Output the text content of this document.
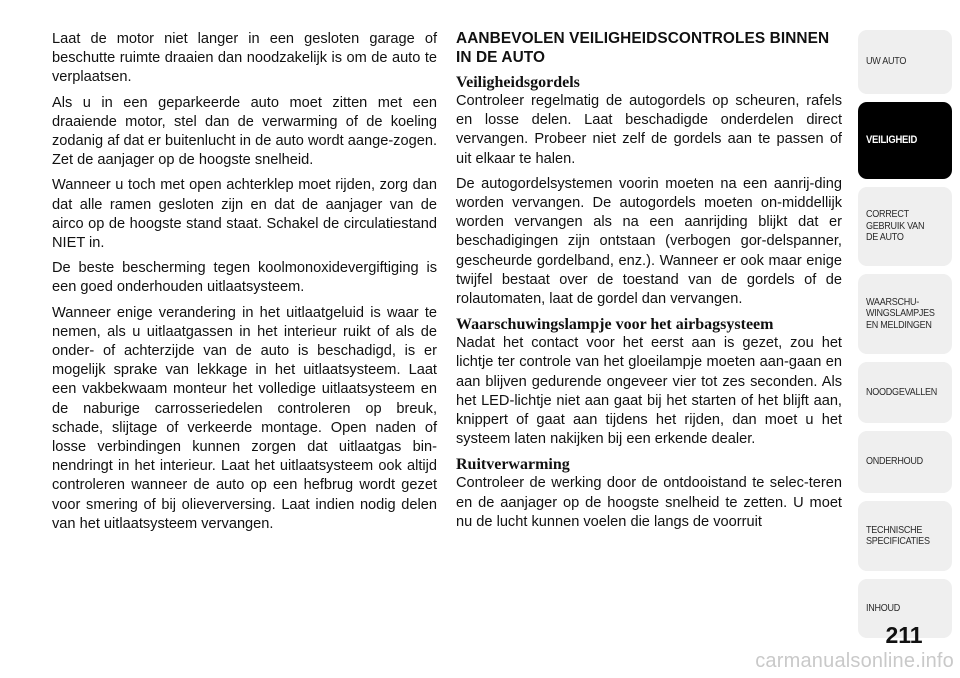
Laat de motor niet langer in een gesloten garage of beschutte ruimte draaien dan noodzakelijk is om de auto te verplaatsen.

Als u in een geparkeerde auto moet zitten met een draaiende motor, stel dan de verwarming of de koeling zodanig af dat er buitenlucht in de auto wordt aange-zogen. Zet de aanjager op de hoogste snelheid.

Wanneer u toch met open achterklep moet rijden, zorg dan dat alle ramen gesloten zijn en dat de aanjager van de airco op de hoogste stand staat. Schakel de circulatiestand NIET in.

De beste bescherming tegen koolmonoxidevergiftiging is een goed onderhouden uitlaatsysteem.

Wanneer enige verandering in het uitlaatgeluid is waar te nemen, als u uitlaatgassen in het interieur ruikt of als de onder- of achterzijde van de auto is beschadigd, is er mogelijk sprake van lekkage in het uitlaatsysteem. Laat een vakbekwaam monteur het volledige uitlaatsysteem en de naburige carrosseriedelen controleren op breuk, schade, slijtage of verkeerde montage. Open naden of losse verbindingen kunnen zorgen dat uitlaatgas bin-nendringt in het interieur. Laat het uitlaatsysteem ook altijd controleren wanneer de auto op een hefbrug wordt gezet voor smering of bij olieverversing. Laat indien nodig delen van het uitlaatsysteem vervangen.

AANBEVOLEN VEILIGHEIDSCONTROLES BINNEN IN DE AUTO
Veiligheidsgordels

Controleer regelmatig de autogordels op scheuren, rafels en losse delen. Laat beschadigde onderdelen direct vervangen. Probeer niet zelf de gordels aan te passen of uit elkaar te halen.

De autogordelsystemen voorin moeten na een aanrij-ding worden vervangen. De autogordels moeten on-middellijk worden vervangen als na een aanrijding blijkt dat er beschadigingen zijn ontstaan (verbogen gor-delspanner, gescheurde gordelband, enz.). Wanneer er ook maar enige twijfel bestaat over de toestand van de gordels of de rolautomaten, laat de gordel dan vervangen.

Waarschuwingslampje voor het airbagsysteem

Nadat het contact voor het eerst aan is gezet, zou het lichtje ter controle van het gloeilampje moeten aan-gaan en aan blijven gedurende ongeveer vier tot zes seconden. Als het LED-lichtje niet aan gaat bij het starten of het blijft aan, knippert of gaat aan tijdens het rijden, dan moet u het systeem laten nakijken bij een erkende dealer.

Ruitverwarming

Controleer de werking door de ontdooistand te selec-teren en de aanjager op de hoogste snelheid te zetten. U moet nu de lucht kunnen voelen die langs de voorruit

UW AUTO
VEILIGHEID
CORRECT
GEBRUIK VAN
DE AUTO
WAARSCHU-
WINGSLAMPJES
EN MELDINGEN
NOODGEVALLEN
ONDERHOUD
TECHNISCHE
SPECIFICATIES
INHOUD
211
carmanualsonline.info
